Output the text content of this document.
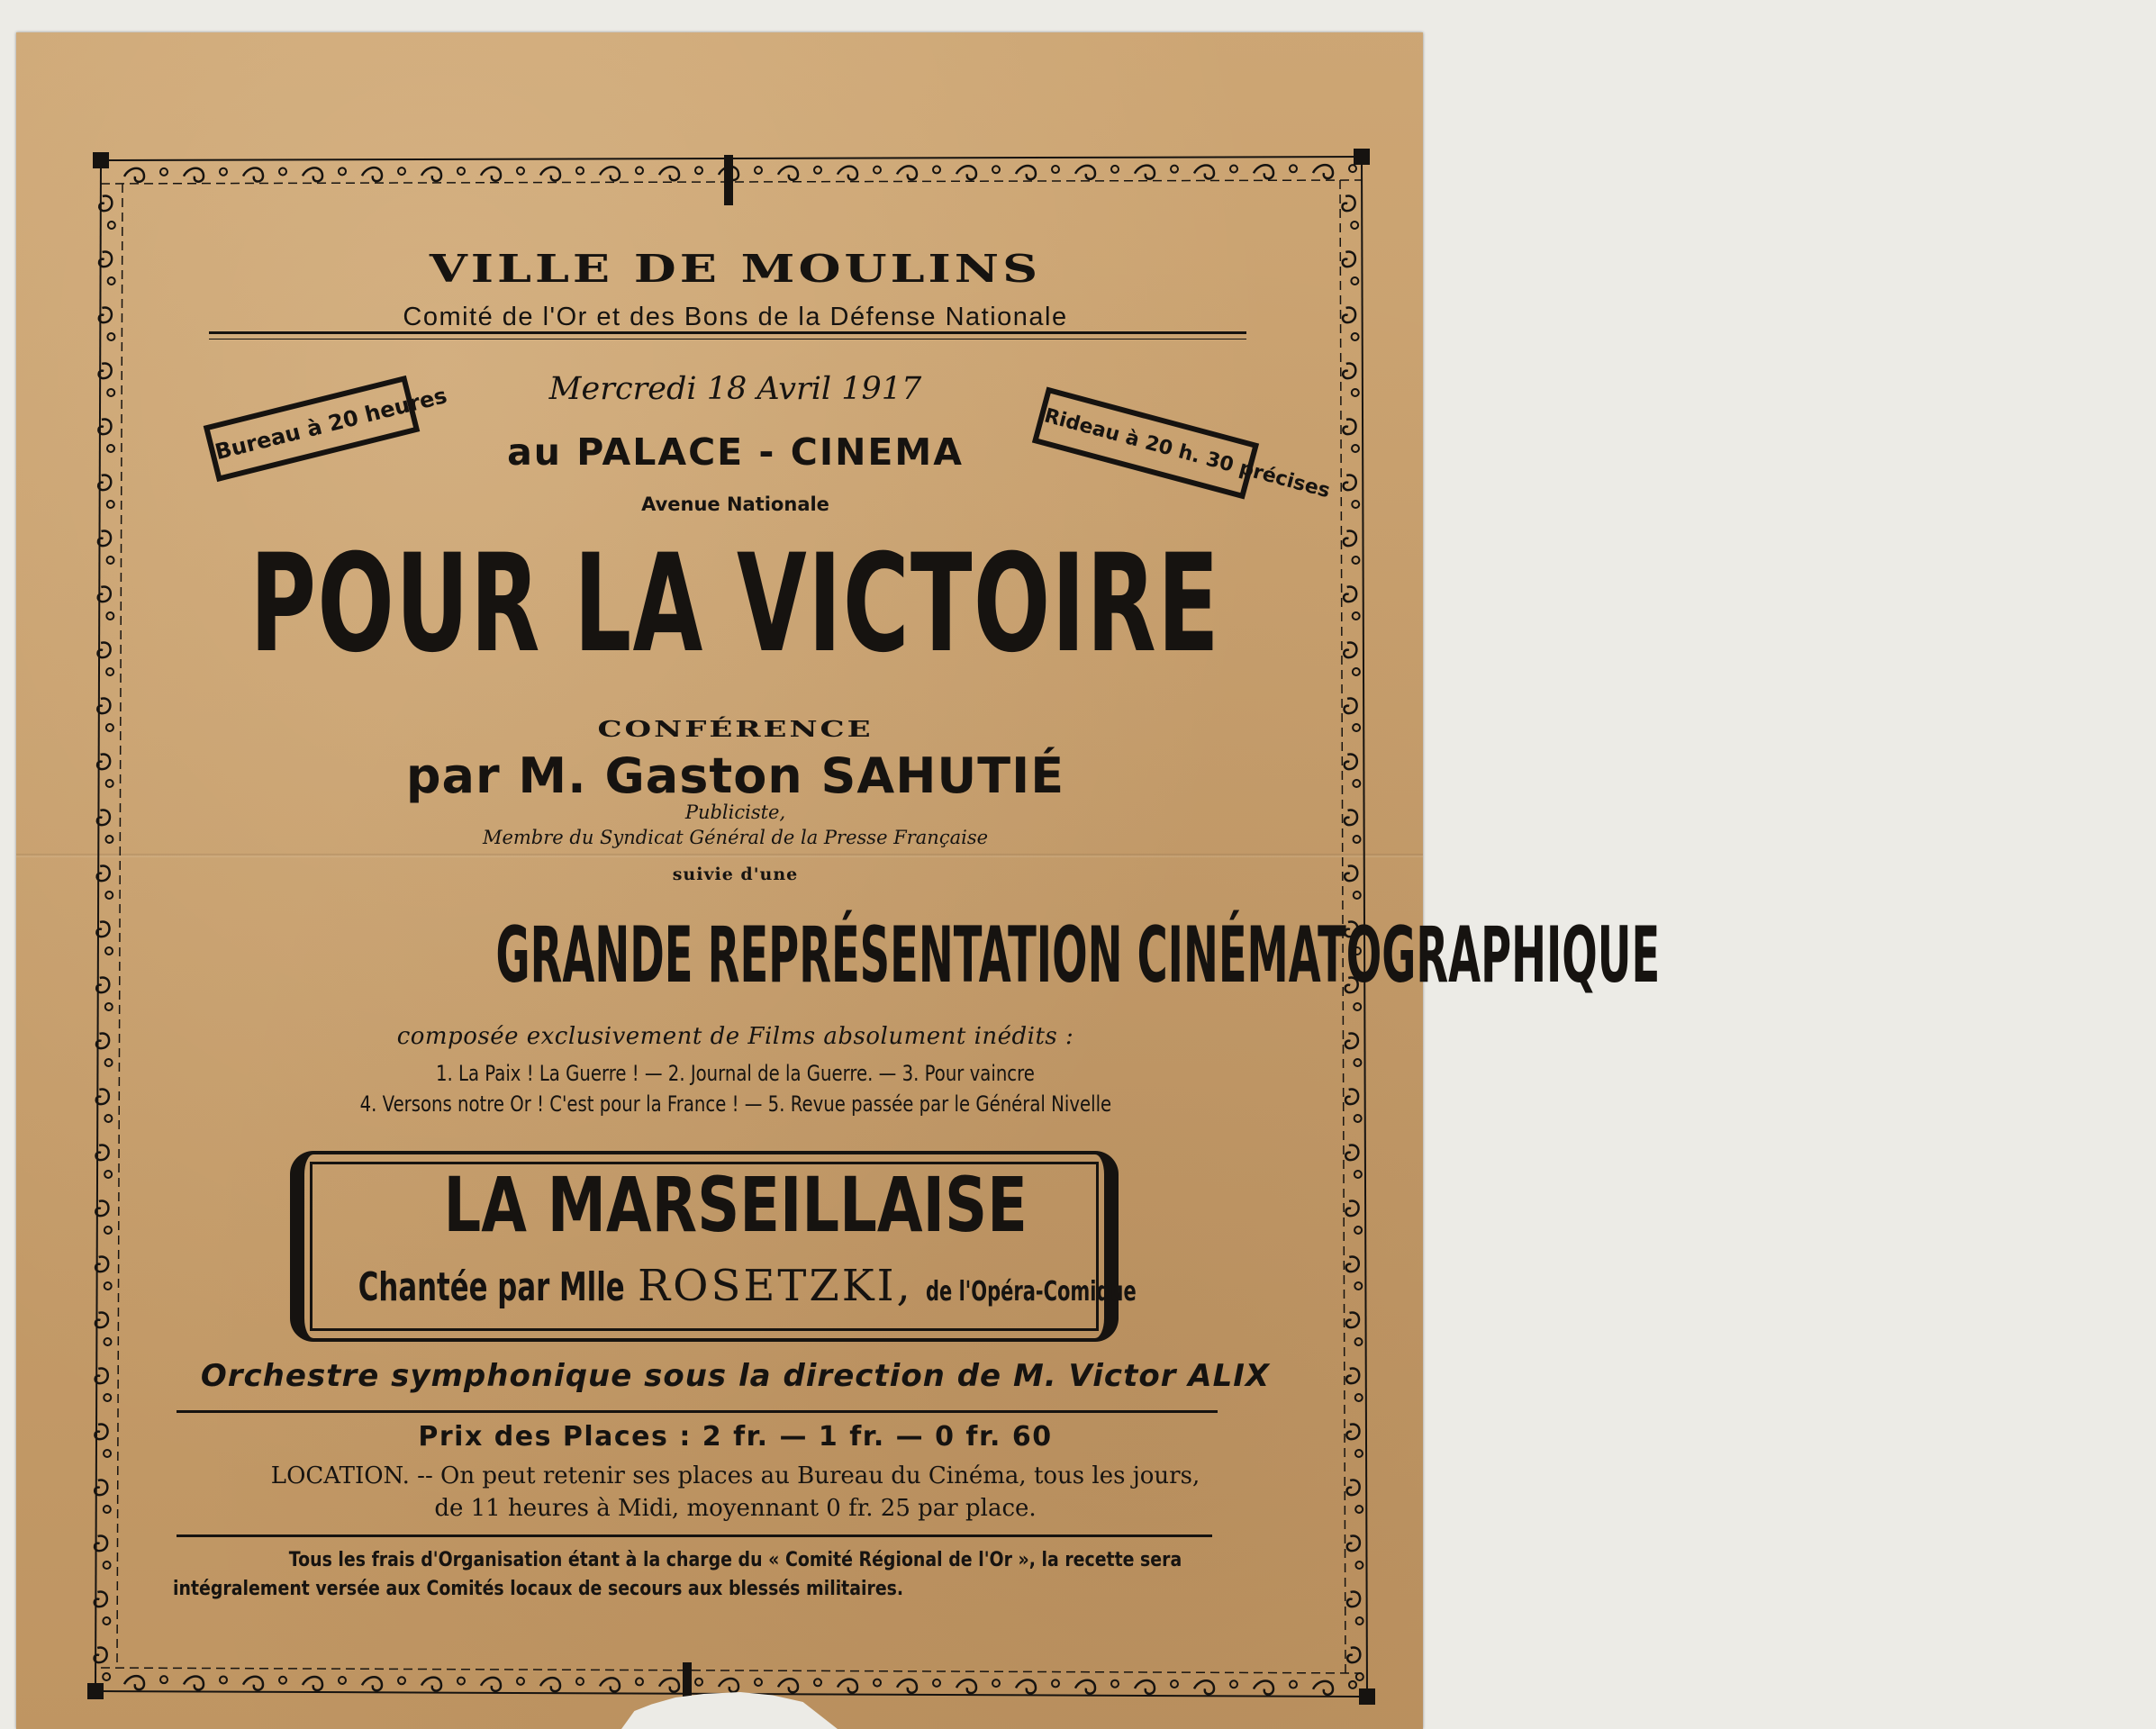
VILLE DE MOULINS
Comité de l'Or et des Bons de la Défense Nationale
Mercredi 18 Avril 1917
au PALACE - CINEMA
Avenue Nationale
Bureau à 20 heures	Rideau à 20 h. 30 précises
POUR LA VICTOIRE
CONFÉRENCE
par M. Gaston SAHUTIÉ
Publiciste,
Membre du Syndicat Général de la Presse Française
suivie d'une
GRANDE REPRÉSENTATION CINÉMATOGRAPHIQUE
composée exclusivement de Films absolument inédits :
1. La Paix ! La Guerre ! — 2. Journal de la Guerre. — 3. Pour vaincre
4. Versons notre Or ! C'est pour la France ! — 5. Revue passée par le Général Nivelle
LA MARSEILLAISE
Chantée par Mlle ROSETZKI, de l'Opéra-Comique
Orchestre symphonique sous la direction de M. Victor ALIX
Prix des Places : 2 fr. — 1 fr. — 0 fr. 60
LOCATION. -- On peut retenir ses places au Bureau du Cinéma, tous les jours,
de 11 heures à Midi, moyennant 0 fr. 25 par place.
Tous les frais d'Organisation étant à la charge du « Comité Régional de l'Or », la recette sera
intégralement versée aux Comités locaux de secours aux blessés militaires.
